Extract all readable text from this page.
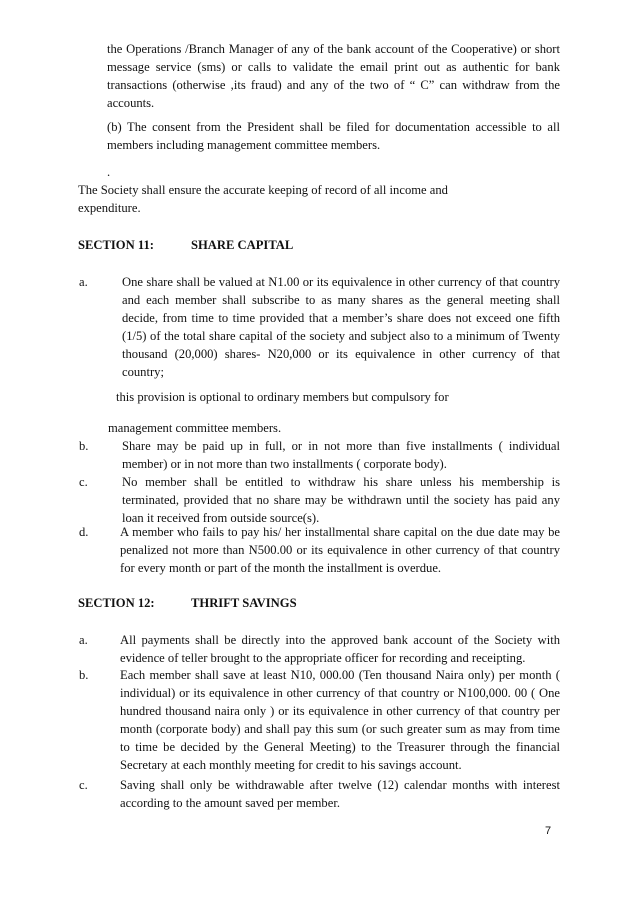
the Operations /Branch Manager of any of the bank account of the Cooperative) or short message service (sms) or calls to validate the email print out as authentic for bank transactions (otherwise ,its fraud) and any of the two of “ C” can withdraw from the accounts.

(b) The consent from the President shall be filed for documentation accessible to all members including management committee members.

.

The Society shall ensure the accurate keeping of record of all income and expenditure.

SECTION 11:	SHARE CAPITAL
a.	One share shall be valued at N1.00 or its equivalence in other currency of that country and each member shall subscribe to as many shares as the general meeting shall decide, from time to time provided that a member’s share does not exceed one fifth (1/5) of the total share capital of the society and subject also to a minimum of Twenty thousand (20,000) shares- N20,000 or its equivalence in other currency of that country;

this provision is optional to ordinary members but compulsory for
management committee members.
b.	Share may be paid up in full, or in not more than five installments ( individual member) or in not more than two installments ( corporate body).

c.	No member shall be entitled to withdraw his share unless his membership is terminated, provided that no share may be withdrawn until the society has paid any loan it received from outside source(s).

d.	A member who fails to pay his/ her installmental share capital on the due date may be penalized not more than N500.00 or its equivalence in other currency of that country for every month or part of the month the installment is overdue.

SECTION 12:	THRIFT SAVINGS
a.	All payments shall be directly into the approved bank account of the Society with evidence of teller brought to the appropriate officer for recording and receipting.

b.	Each member shall save at least N10, 000.00 (Ten thousand Naira only) per month ( individual) or its equivalence in other currency of that country or N100,000. 00 ( One hundred thousand naira only ) or its equivalence in other currency of that country per month (corporate body) and shall pay this sum (or such greater sum as may from time to time be decided by the General Meeting) to the Treasurer through the financial Secretary at each monthly meeting for credit to his savings account.

c.	Saving shall only be withdrawable after twelve (12) calendar months with interest according to the amount saved per member.

7
